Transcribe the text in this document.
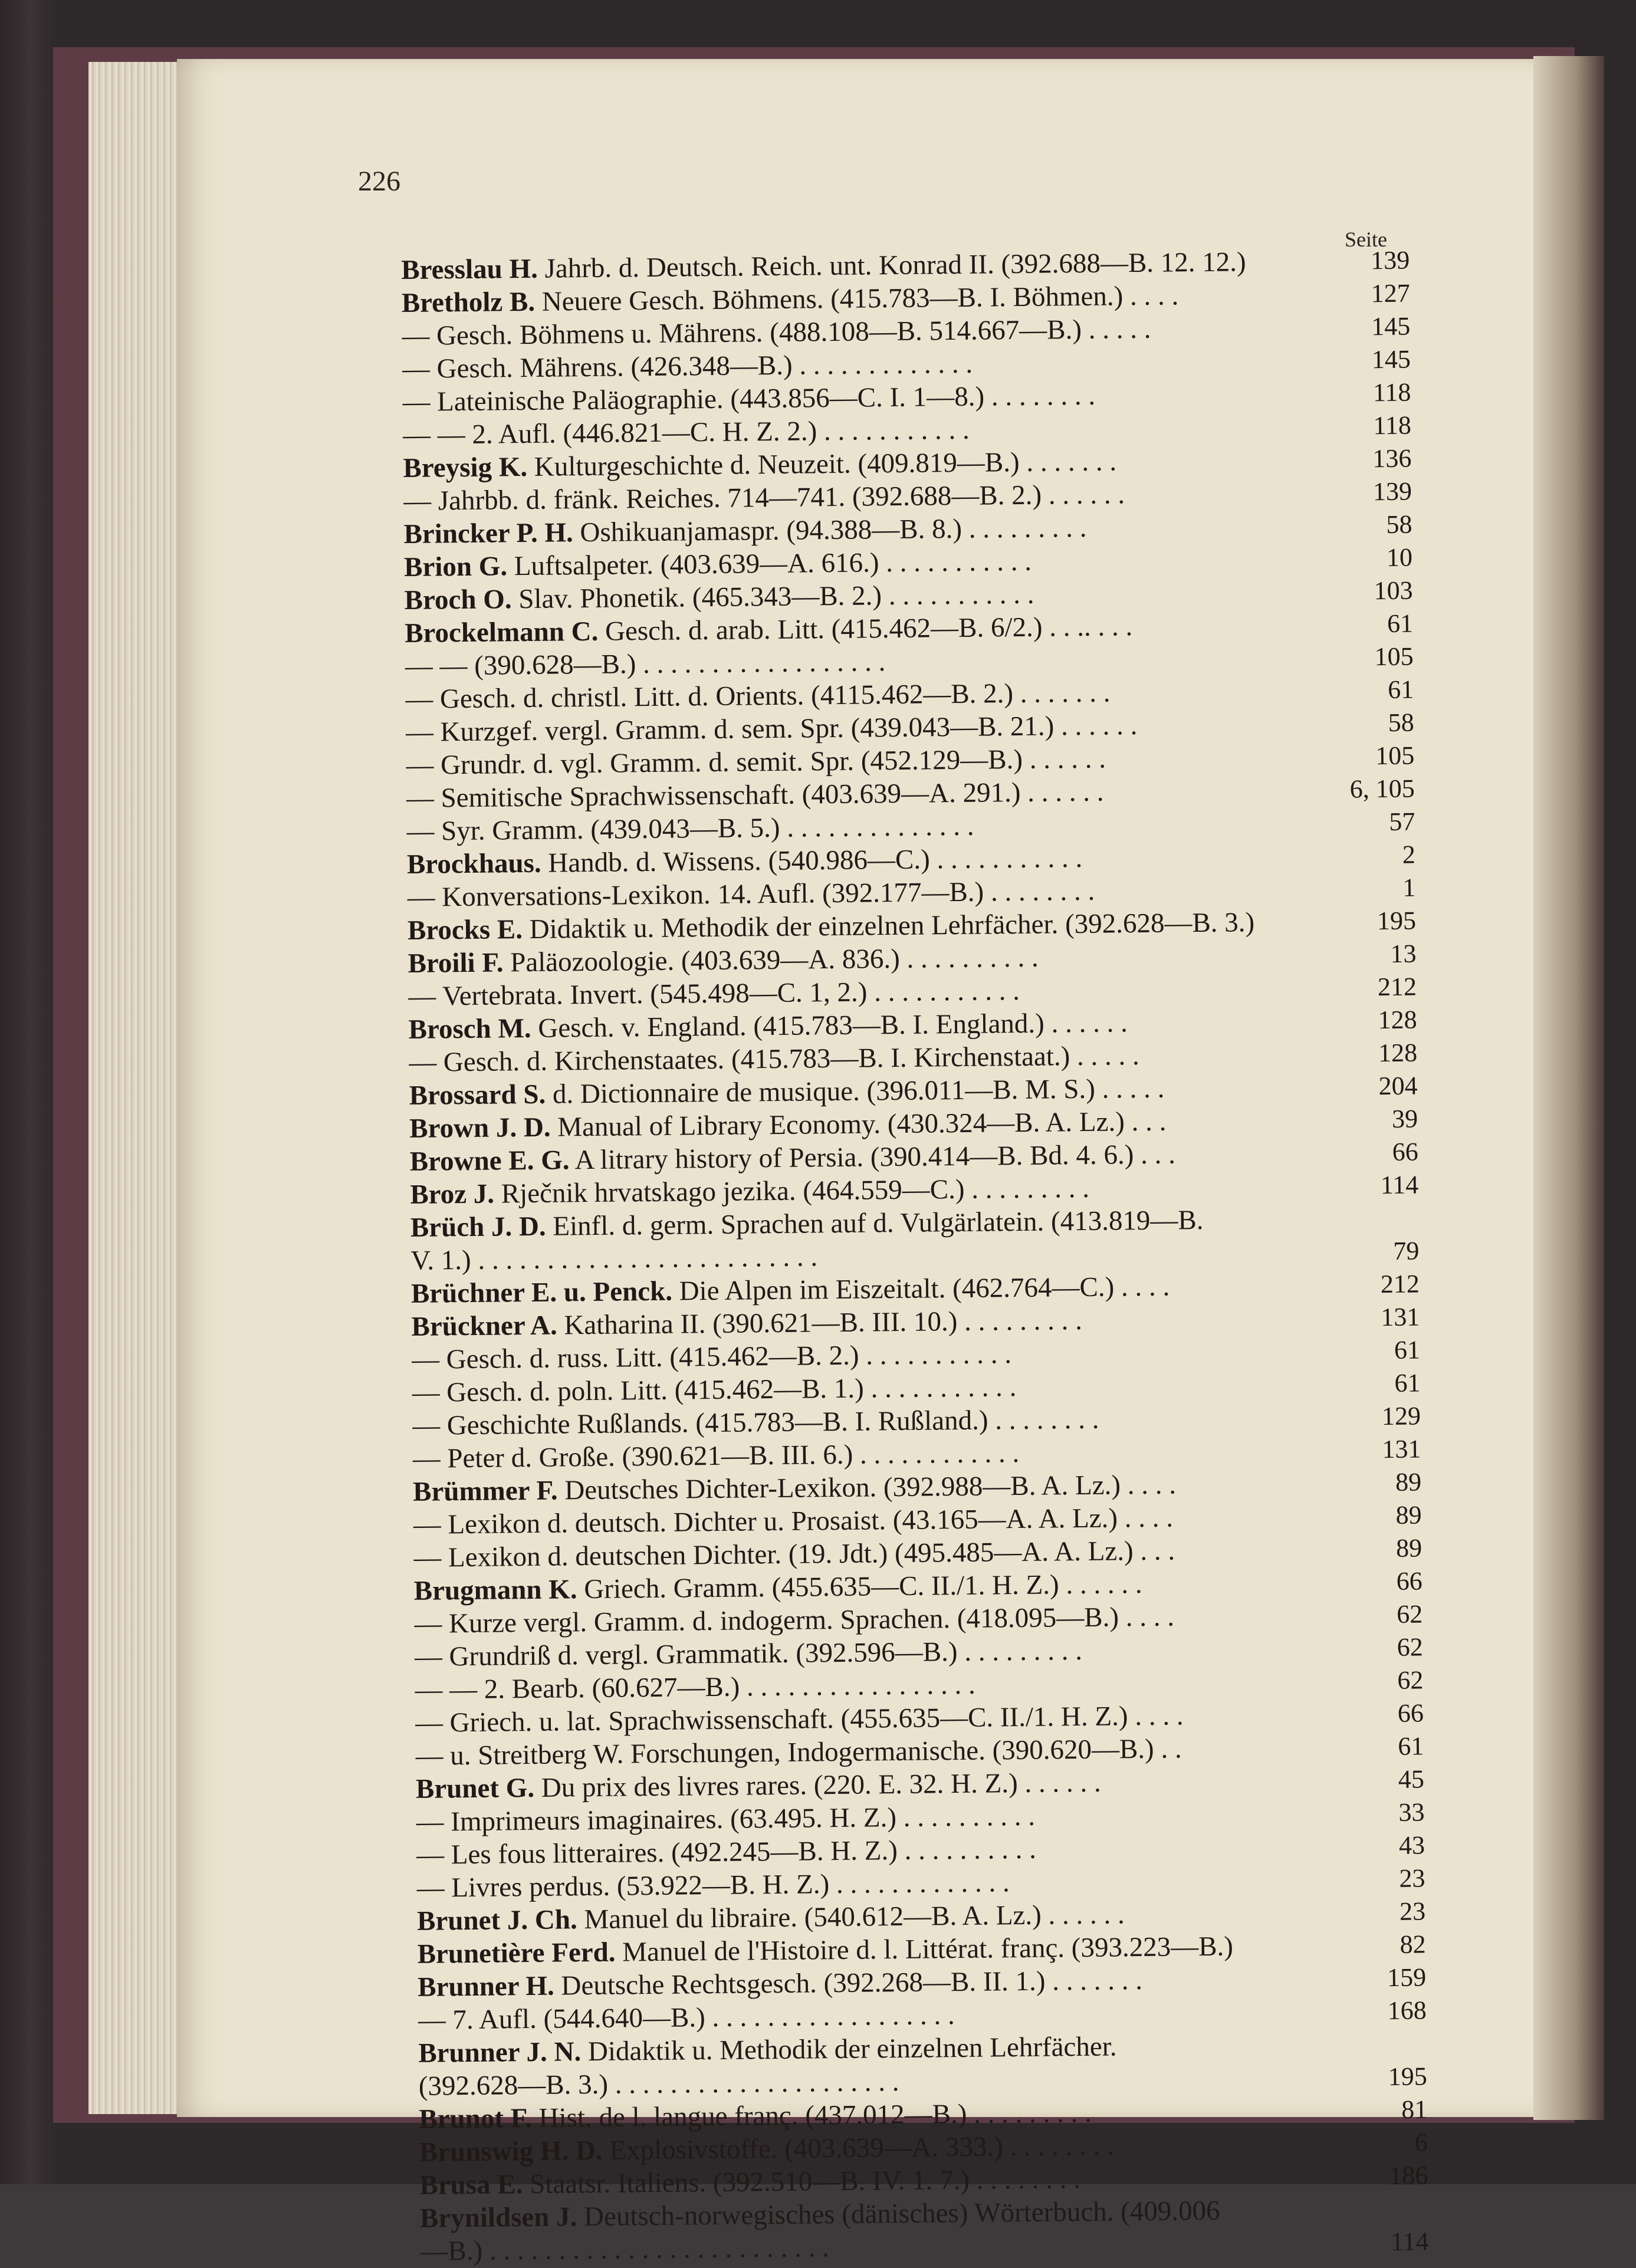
226
Seite
Bresslau H. Jahrb. d. Deutsch. Reich. unt. Konrad II. (392.688—B. 12. 12.)	139
Bretholz B. Neuere Gesch. Böhmens. (415.783—B. I. Böhmen.) . . . .	127
— Gesch. Böhmens u. Mährens. (488.108—B. 514.667—B.) . . . . .	145
— Gesch. Mährens. (426.348—B.) . . . . . . . . . . . . .	145
— Lateinische Paläographie. (443.856—C. I. 1—8.) . . . . . . . .	118
— — 2. Aufl. (446.821—C. H. Z. 2.) . . . . . . . . . . .	118
Breysig K. Kulturgeschichte d. Neuzeit. (409.819—B.) . . . . . . .	136
— Jahrbb. d. fränk. Reiches. 714—741. (392.688—B. 2.) . . . . . .	139
Brincker P. H. Oshikuanjamaspr. (94.388—B. 8.) . . . . . . . . .	58
Brion G. Luftsalpeter. (403.639—A. 616.) . . . . . . . . . . .	10
Broch O. Slav. Phonetik. (465.343—B. 2.) . . . . . . . . . . .	103
Brockelmann C. Gesch. d. arab. Litt. (415.462—B. 6/2.) . . .. . . .	61
— — (390.628—B.) . . . . . . . . . . . . . . . . . .	105
— Gesch. d. christl. Litt. d. Orients. (4115.462—B. 2.) . . . . . . .	61
— Kurzgef. vergl. Gramm. d. sem. Spr. (439.043—B. 21.) . . . . . .	58
— Grundr. d. vgl. Gramm. d. semit. Spr. (452.129—B.) . . . . . .	105
— Semitische Sprachwissenschaft. (403.639—A. 291.) . . . . . .	6, 105
— Syr. Gramm. (439.043—B. 5.) . . . . . . . . . . . . . .	57
Brockhaus. Handb. d. Wissens. (540.986—C.) . . . . . . . . . . .	2
— Konversations-Lexikon. 14. Aufl. (392.177—B.) . . . . . . . .	1
Brocks E. Didaktik u. Methodik der einzelnen Lehrfächer. (392.628—B. 3.)	195
Broili F. Paläozoologie. (403.639—A. 836.) . . . . . . . . . .	13
— Vertebrata. Invert. (545.498—C. 1, 2.) . . . . . . . . . . .	212
Brosch M. Gesch. v. England. (415.783—B. I. England.) . . . . . .	128
— Gesch. d. Kirchenstaates. (415.783—B. I. Kirchenstaat.) . . . . .	128
Brossard S. d. Dictionnaire de musique. (396.011—B. M. S.) . . . . .	204
Brown J. D. Manual of Library Economy. (430.324—B. A. Lz.) . . .	39
Browne E. G. A litrary history of Persia. (390.414—B. Bd. 4. 6.) . . .	66
Broz J. Rječnik hrvatskago jezika. (464.559—C.) . . . . . . . . .	114
Brüch J. D. Einfl. d. germ. Sprachen auf d. Vulgärlatein. (413.819—B.
V. 1.) . . . . . . . . . . . . . . . . . . . . . . . . .	79
Brüchner E. u. Penck. Die Alpen im Eiszeitalt. (462.764—C.) . . . .	212
Brückner A. Katharina II. (390.621—B. III. 10.) . . . . . . . . .	131
— Gesch. d. russ. Litt. (415.462—B. 2.) . . . . . . . . . . .	61
— Gesch. d. poln. Litt. (415.462—B. 1.) . . . . . . . . . . .	61
— Geschichte Rußlands. (415.783—B. I. Rußland.) . . . . . . . .	129
— Peter d. Große. (390.621—B. III. 6.) . . . . . . . . . . . .	131
Brümmer F. Deutsches Dichter-Lexikon. (392.988—B. A. Lz.) . . . .	89
— Lexikon d. deutsch. Dichter u. Prosaist. (43.165—A. A. Lz.) . . . .	89
— Lexikon d. deutschen Dichter. (19. Jdt.) (495.485—A. A. Lz.) . . .	89
Brugmann K. Griech. Gramm. (455.635—C. II./1. H. Z.) . . . . . .	66
— Kurze vergl. Gramm. d. indogerm. Sprachen. (418.095—B.) . . . .	62
— Grundriß d. vergl. Grammatik. (392.596—B.) . . . . . . . . .	62
— — 2. Bearb. (60.627—B.) . . . . . . . . . . . . . . . . .	62
— Griech. u. lat. Sprachwissenschaft. (455.635—C. II./1. H. Z.) . . . .	66
— u. Streitberg W. Forschungen, Indogermanische. (390.620—B.) . .	61
Brunet G. Du prix des livres rares. (220. E. 32. H. Z.) . . . . . .	45
— Imprimeurs imaginaires. (63.495. H. Z.) . . . . . . . . . .	33
— Les fous litteraires. (492.245—B. H. Z.) . . . . . . . . . .	43
— Livres perdus. (53.922—B. H. Z.) . . . . . . . . . . . . .	23
Brunet J. Ch. Manuel du libraire. (540.612—B. A. Lz.) . . . . . .	23
Brunetière Ferd. Manuel de l'Histoire d. l. Littérat. franç. (393.223—B.)	82
Brunner H. Deutsche Rechtsgesch. (392.268—B. II. 1.) . . . . . . .	159
— 7. Aufl. (544.640—B.) . . . . . . . . . . . . . . . . . .	168
Brunner J. N. Didaktik u. Methodik der einzelnen Lehrfächer.
(392.628—B. 3.) . . . . . . . . . . . . . . . . . . . . .	195
Brunot F. Hist. de l. langue franç. (437.012—B.) . . . . . . . . .	81
Brunswig H. D. Explosivstoffe. (403.639—A. 333.) . . . . . . . .	6
Brusa E. Staatsr. Italiens. (392.510—B. IV. 1. 7.) . . . . . . . .	186
Brynildsen J. Deutsch-norwegisches (dänisches) Wörterbuch. (409.006
—B.) . . . . . . . . . . . . . . . . . . . . . . . . .	114
